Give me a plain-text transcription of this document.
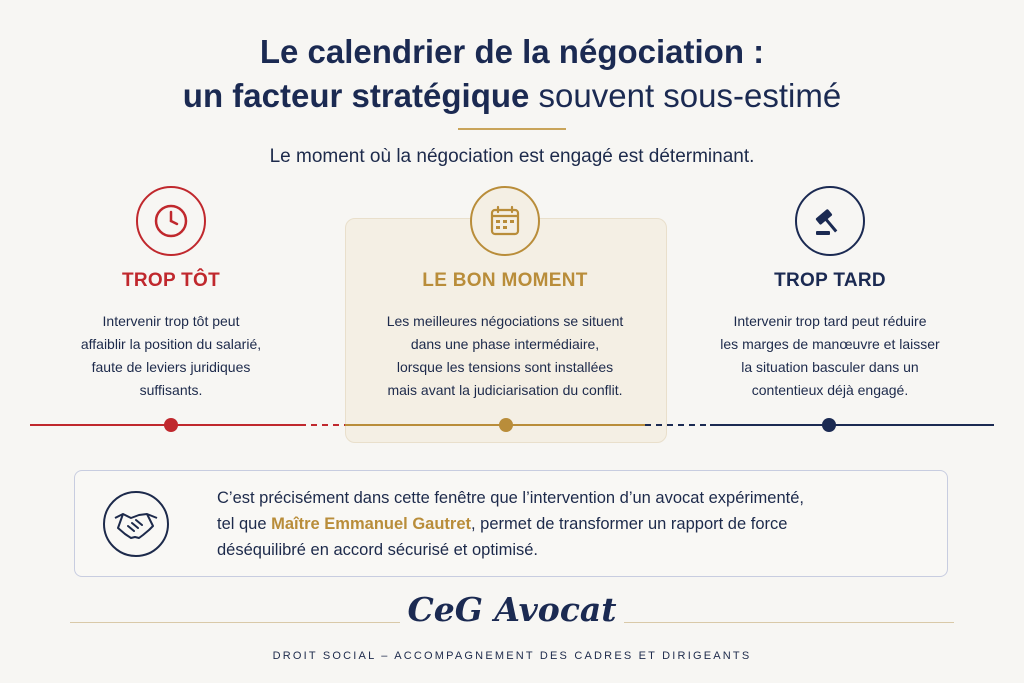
Le calendrier de la négociation :
un facteur stratégique souvent sous-estimé
Le moment où la négociation est engagé est déterminant.
TROP TÔT
Intervenir trop tôt peut
affaiblir la position du salarié,
faute de leviers juridiques
suffisants.
LE BON MOMENT
Les meilleures négociations se situent
dans une phase intermédiaire,
lorsque les tensions sont installées
mais avant la judiciarisation du conflit.
TROP TARD
Intervenir trop tard peut réduire
les marges de manœuvre et laisser
la situation basculer dans un
contentieux déjà engagé.
C’est précisément dans cette fenêtre que l’intervention d’un avocat expérimenté,
tel que Maître Emmanuel Gautret, permet de transformer un rapport de force
déséquilibré en accord sécurisé et optimisé.
CeG Avocat
DROIT SOCIAL – ACCOMPAGNEMENT DES CADRES ET DIRIGEANTS
